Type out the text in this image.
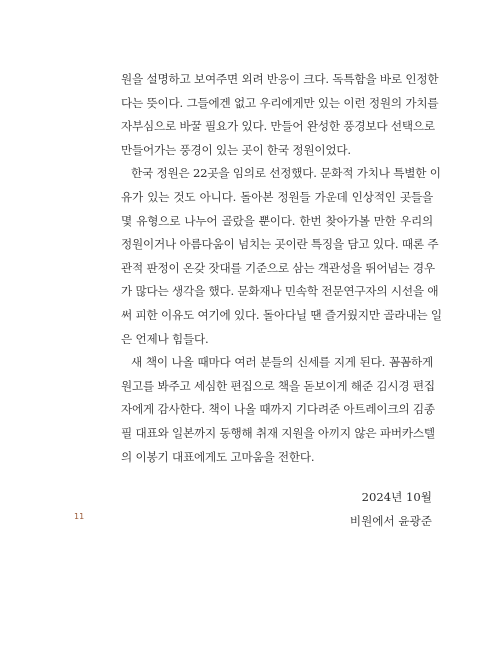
원을 설명하고 보여주면 외려 반응이 크다. 독특함을 바로 인정한
다는 뜻이다. 그들에겐 없고 우리에게만 있는 이런 정원의 가치를
자부심으로 바꿀 필요가 있다. 만들어 완성한 풍경보다 선택으로
만들어가는 풍경이 있는 곳이 한국 정원이었다.
한국 정원은 22곳을 임의로 선정했다. 문화적 가치나 특별한 이
유가 있는 것도 아니다. 돌아본 정원들 가운데 인상적인 곳들을
몇 유형으로 나누어 골랐을 뿐이다. 한번 찾아가볼 만한 우리의
정원이거나 아름다움이 넘치는 곳이란 특징을 담고 있다. 때론 주
관적 판정이 온갖 잣대를 기준으로 삼는 객관성을 뛰어넘는 경우
가 많다는 생각을 했다. 문화재나 민속학 전문연구자의 시선을 애
써 피한 이유도 여기에 있다. 돌아다닐 땐 즐거웠지만 골라내는 일
은 언제나 힘들다.
새 책이 나올 때마다 여러 분들의 신세를 지게 된다. 꼼꼼하게
원고를 봐주고 세심한 편집으로 책을 돋보이게 해준 김시경 편집
자에게 감사한다. 책이 나올 때까지 기다려준 아트레이크의 김종
필 대표와 일본까지 동행해 취재 지원을 아끼지 않은 파버카스텔
의 이봉기 대표에게도 고마움을 전한다.
2024년 10월
비원에서 윤광준
11
